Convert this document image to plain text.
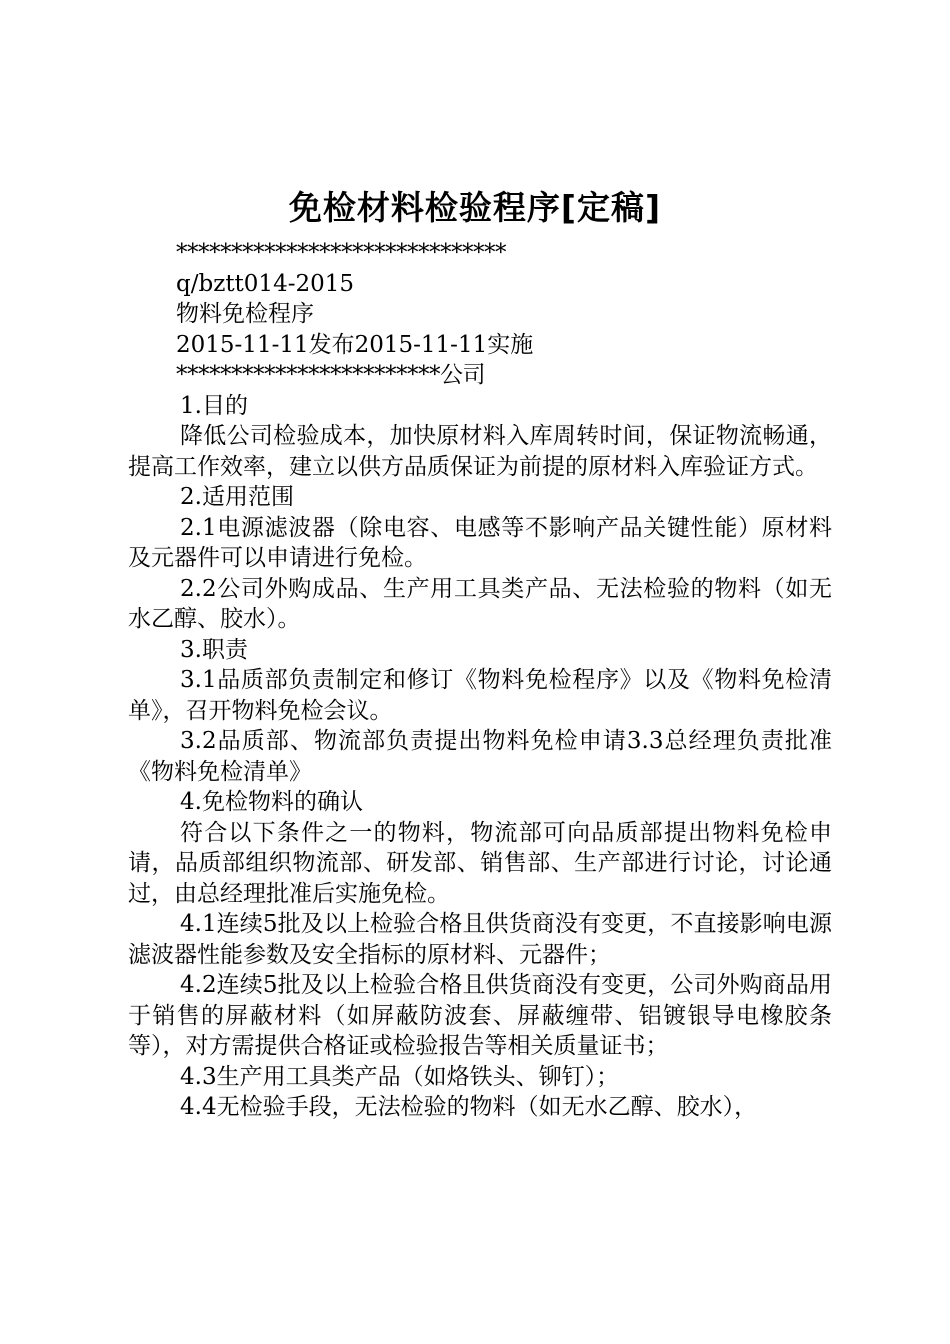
免检材料检验程序[定稿]

******************************

q/bztt014-2015

物料免检程序

2015-11-11发布2015-11-11实施

************************公司

1.目的

降低公司检验成本，加快原材料入库周转时间，保证物流畅通，提高工作效率，建立以供方品质保证为前提的原材料入库验证方式。

2.适用范围

2.1电源滤波器（除电容、电感等不影响产品关键性能）原材料及元器件可以申请进行免检。

2.2公司外购成品、生产用工具类产品、无法检验的物料（如无水乙醇、胶水）。

3.职责

3.1品质部负责制定和修订《物料免检程序》以及《物料免检清单》，召开物料免检会议。

3.2品质部、物流部负责提出物料免检申请3.3总经理负责批准《物料免检清单》

4.免检物料的确认

符合以下条件之一的物料，物流部可向品质部提出物料免检申请，品质部组织物流部、研发部、销售部、生产部进行讨论，讨论通过，由总经理批准后实施免检。

4.1连续5批及以上检验合格且供货商没有变更，不直接影响电源滤波器性能参数及安全指标的原材料、元器件；

4.2连续5批及以上检验合格且供货商没有变更，公司外购商品用于销售的屏蔽材料（如屏蔽防波套、屏蔽缠带、铝镀银导电橡胶条等），对方需提供合格证或检验报告等相关质量证书；

4.3生产用工具类产品（如烙铁头、铆钉）；

4.4无检验手段，无法检验的物料（如无水乙醇、胶水），
